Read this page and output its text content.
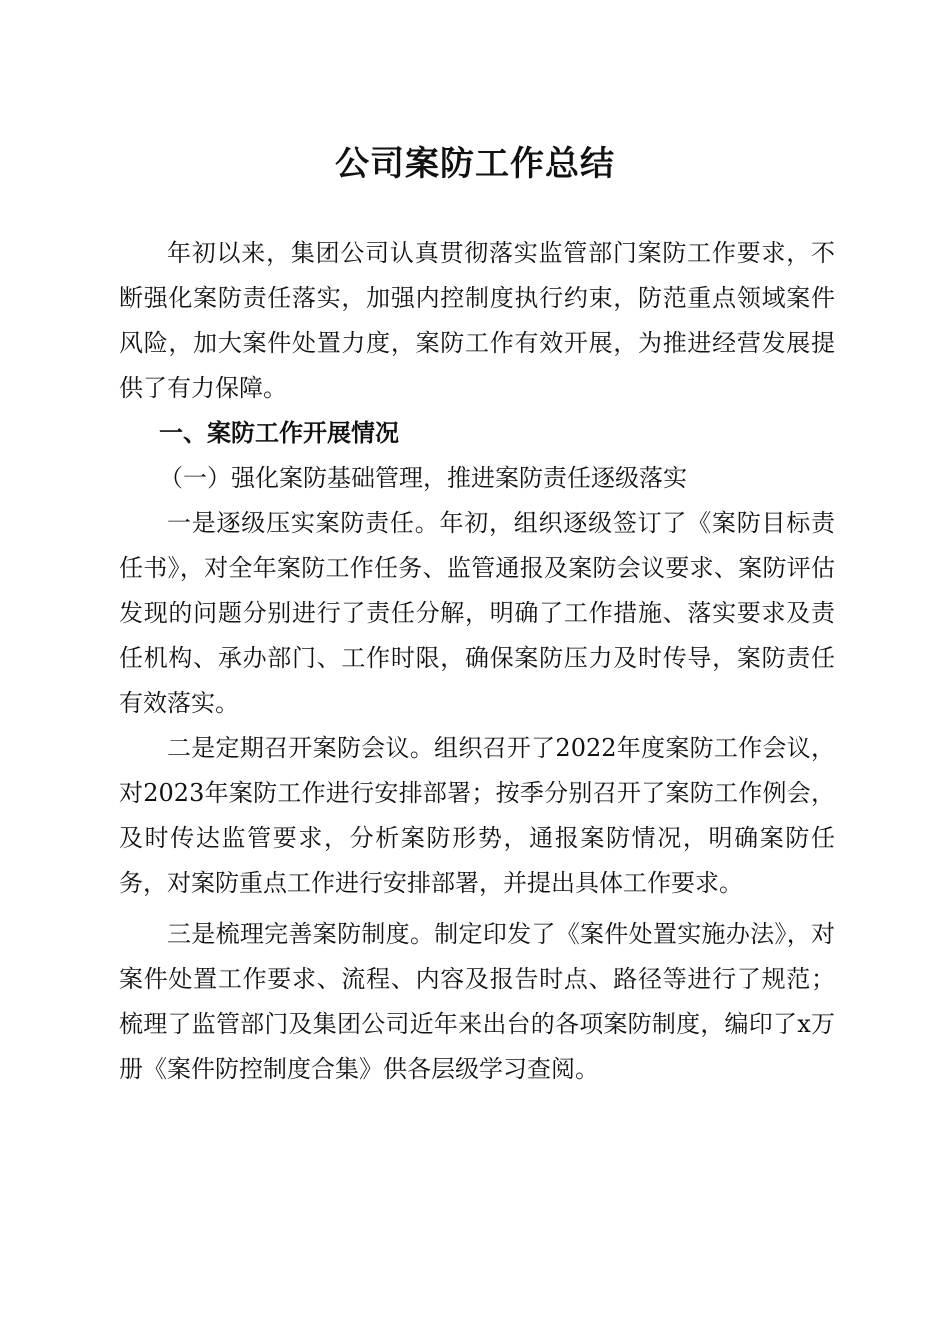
公司案防工作总结

年初以来，集团公司认真贯彻落实监管部门案防工作要求，不断强化案防责任落实，加强内控制度执行约束，防范重点领域案件风险，加大案件处置力度，案防工作有效开展，为推进经营发展提供了有力保障。

一、案防工作开展情况

（一）强化案防基础管理，推进案防责任逐级落实

一是逐级压实案防责任。年初，组织逐级签订了《案防目标责任书》，对全年案防工作任务、监管通报及案防会议要求、案防评估发现的问题分别进行了责任分解，明确了工作措施、落实要求及责任机构、承办部门、工作时限，确保案防压力及时传导，案防责任有效落实。

二是定期召开案防会议。组织召开了2022年度案防工作会议，对2023年案防工作进行安排部署；按季分别召开了案防工作例会，及时传达监管要求，分析案防形势，通报案防情况，明确案防任务，对案防重点工作进行安排部署，并提出具体工作要求。

三是梳理完善案防制度。制定印发了《案件处置实施办法》，对案件处置工作要求、流程、内容及报告时点、路径等进行了规范；梳理了监管部门及集团公司近年来出台的各项案防制度，编印了x万册《案件防控制度合集》供各层级学习查阅。
